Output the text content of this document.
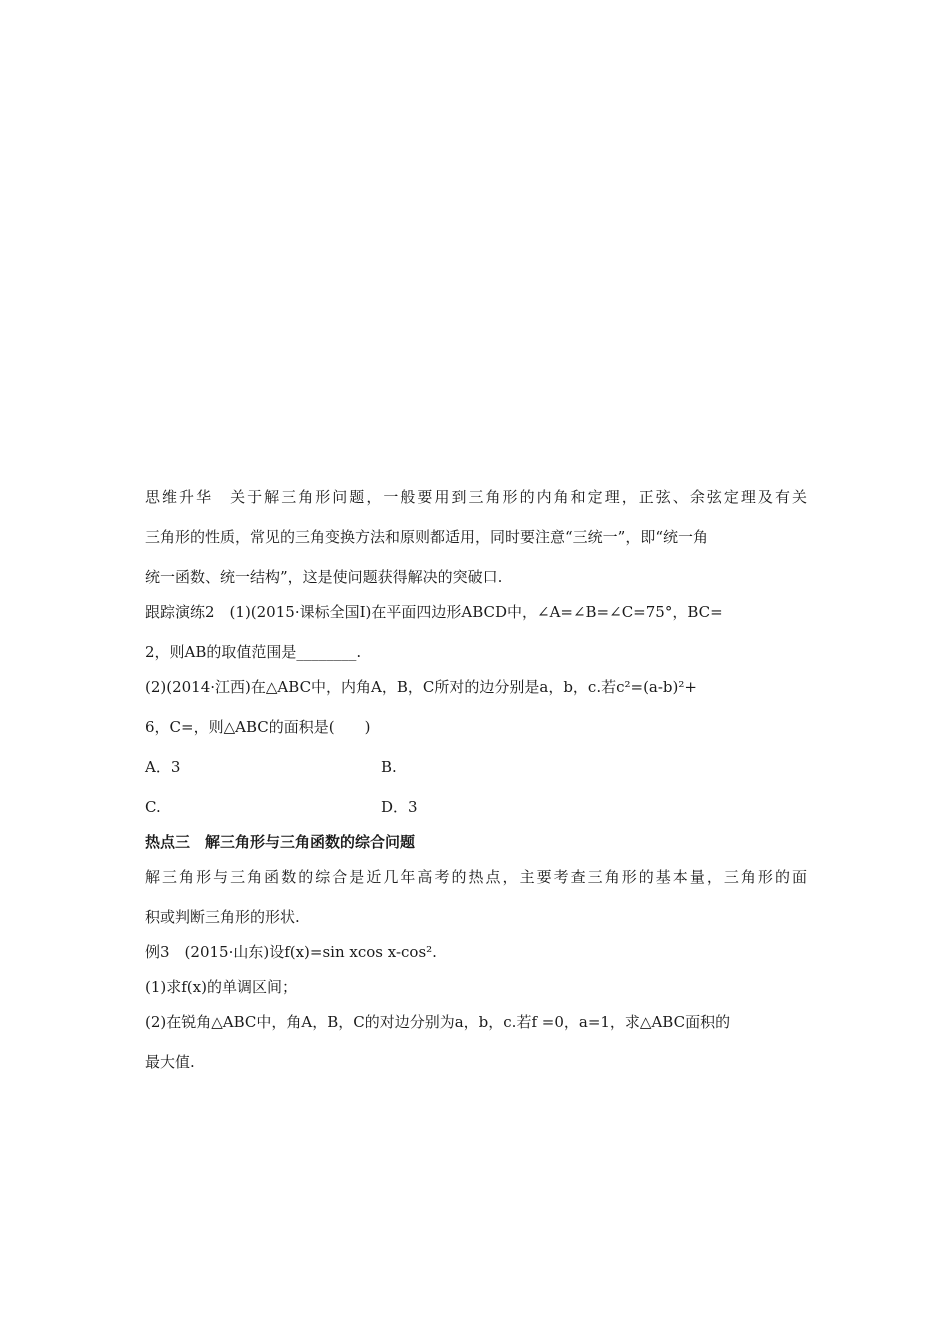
思维升华　关于解三角形问题，一般要用到三角形的内角和定理，正弦、余弦定理及有关
三角形的性质，常见的三角变换方法和原则都适用，同时要注意“三统一”，即“统一角
统一函数、统一结构”，这是使问题获得解决的突破口.
跟踪演练2　(1)(2015·课标全国Ⅰ)在平面四边形ABCD中，∠A=∠B=∠C=75°，BC=
2，则AB的取值范围是________.
(2)(2014·江西)在△ABC中，内角A，B，C所对的边分别是a，b，c.若c²=(a-b)²+
6，C=，则△ABC的面积是(　　)
A．3	B.
C.	D．3
热点三　解三角形与三角函数的综合问题
解三角形与三角函数的综合是近几年高考的热点，主要考查三角形的基本量，三角形的面
积或判断三角形的形状.
例3　(2015·山东)设f(x)=sin xcos x-cos².
(1)求f(x)的单调区间；
(2)在锐角△ABC中，角A，B，C的对边分别为a，b，c.若f =0，a=1，求△ABC面积的
最大值.
